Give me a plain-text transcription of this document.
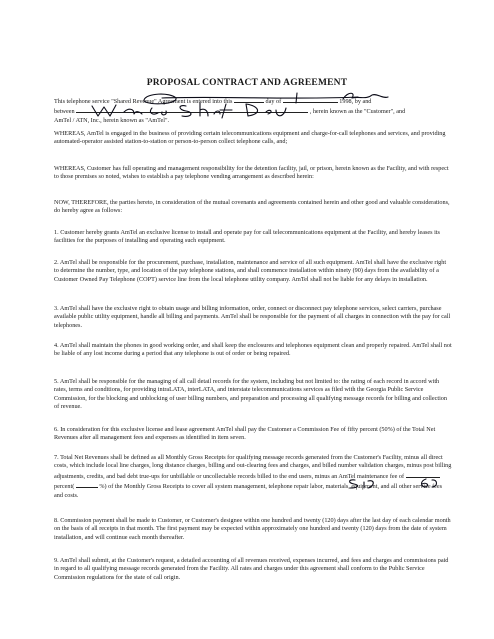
PROPOSAL CONTRACT AND AGREEMENT
This telephone service "Shared Revenue" Agreement is entered into this	day of	1998, by and
between	, herein known as the "Customer", and
AmTel / ATN, Inc., herein known as "AmTel".

WHEREAS, AmTel is engaged in the business of providing certain telecommunications equipment and charge-for-call telephones and services, and providing automated-operator assisted station-to-station or person-to-person collect telephone calls, and;

WHEREAS, Customer has full operating and management responsibility for the detention facility, jail, or prison, herein known as the Facility, and with respect to those premises so noted, wishes to establish a pay telephone vending arrangement as described herein:

NOW, THEREFORE, the parties hereto, in consideration of the mutual covenants and agreements contained herein and other good and valuable considerations, do hereby agree as follows:

1. Customer hereby grants AmTel an exclusive license to install and operate pay for call telecommunications equipment at the Facility, and hereby leases its facilities for the purposes of installing and operating such equipment.

2. AmTel shall be responsible for the procurement, purchase, installation, maintenance and service of all such equipment. AmTel shall have the exclusive right to determine the number, type, and location of the pay telephone stations, and shall commence installation within ninety (90) days from the availability of a Customer Owned Pay Telephone (COPT) service line from the local telephone utility company. AmTel shall not be liable for any delays in installation.

3. AmTel shall have the exclusive right to obtain usage and billing information, order, connect or disconnect pay telephone services, select carriers, purchase available public utility equipment, handle all billing and payments. AmTel shall be responsible for the payment of all charges in connection with the pay for call telephones.

4. AmTel shall maintain the phones in good working order, and shall keep the enclosures and telephones equipment clean and properly repaired. AmTel shall not be liable of any lost income during a period that any telephone is out of order or being repaired.

5. AmTel shall be responsible for the managing of all call detail records for the system, including but not limited to: the rating of each record in accord with rates, terms and conditions, for providing intraLATA, interLATA, and interstate telecommunications services as filed with the Georgia Public Service Commission, for the blocking and unblocking of user billing numbers, and preparation and processing all qualifying message records for billing and collection of revenue.

6. In consideration for this exclusive license and lease agreement AmTel shall pay the Customer a Commission Fee of fifty percent (50%) of the Total Net Revenues after all management fees and expenses as identified in item seven.

7. Total Net Revenues shall be defined as all Monthly Gross Receipts for qualifying message records generated from the Customer's Facility, minus all direct costs, which include local line charges, long distance charges, billing and out-clearing fees and charges, and billed number validation charges, minus post billing adjustments, credits, and bad debt true-ups for unbillable or uncollectable records billed to the end users, minus an AmTel maintenance fee of  percent(	%) of the Monthly Gross Receipts to cover all system management, telephone repair labor, materials, equipment, and all other service fees and costs.

8. Commission payment shall be made to Customer, or Customer's designee within one hundred and twenty (120) days after the last day of each calendar month on the basis of all receipts in that month. The first payment may be expected within approximately one hundred and twenty (120) days from the date of system installation, and will continue each month thereafter.

9. AmTel shall submit, at the Customer's request, a detailed accounting of all revenues received, expenses incurred, and fees and charges and commissions paid in regard to all qualifying message records generated from the Facility. All rates and charges under this agreement shall conform to the Public Service Commission regulations for the state of call origin.
